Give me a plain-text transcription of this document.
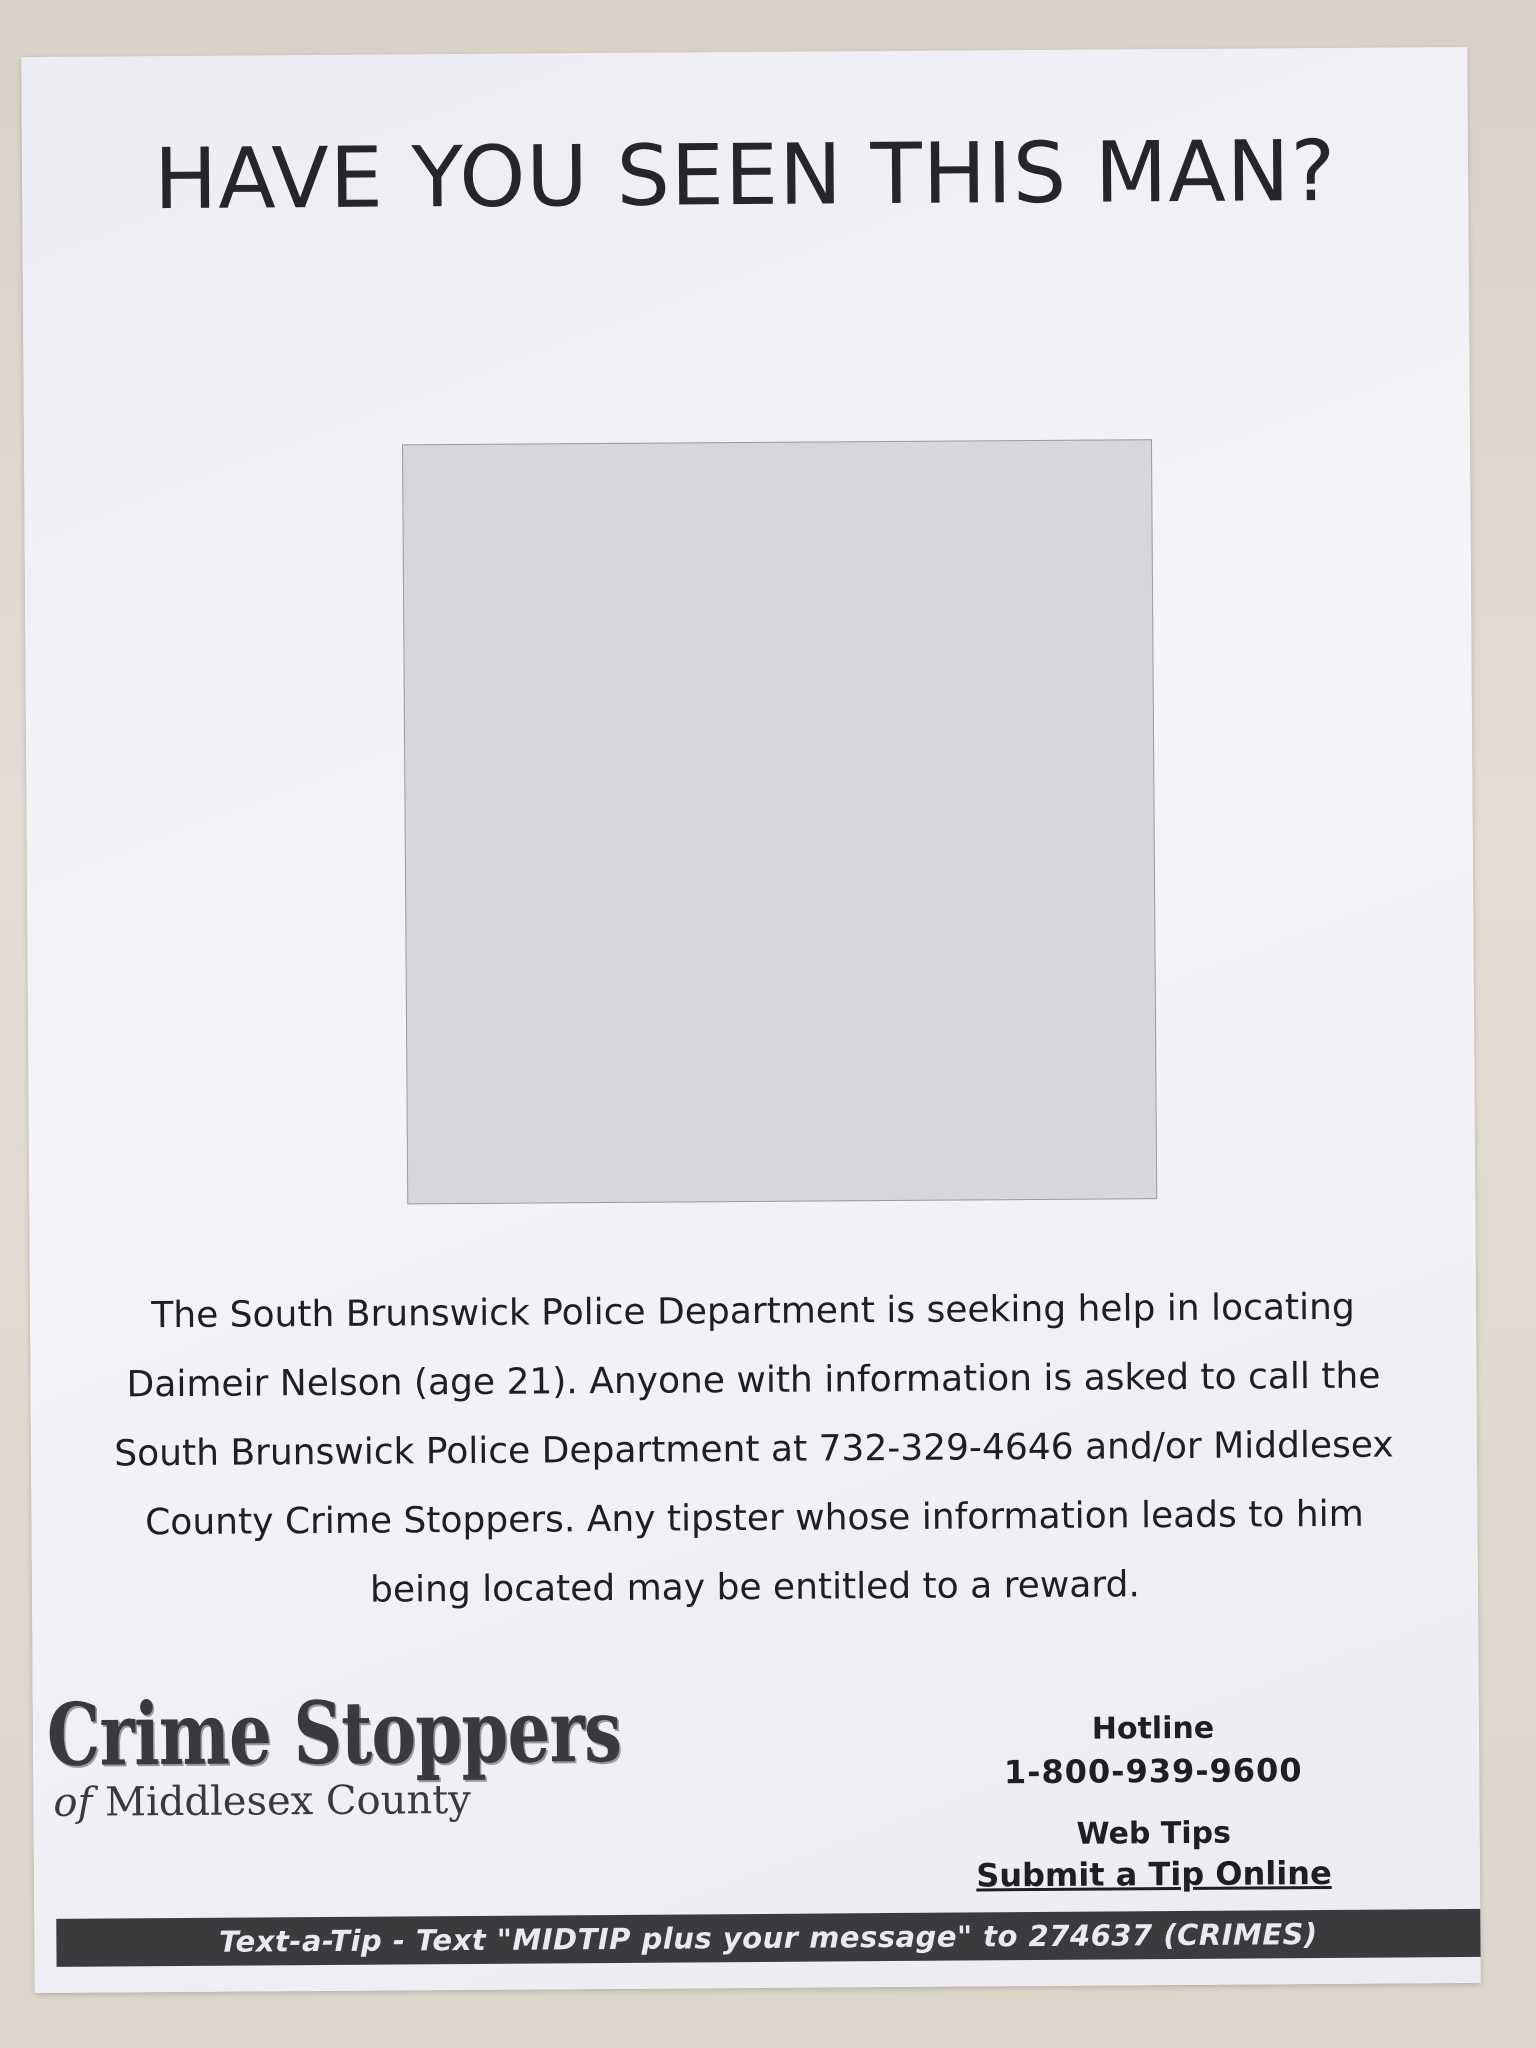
HAVE YOU SEEN THIS MAN?

The South Brunswick Police Department is seeking help in locating
Daimeir Nelson (age 21). Anyone with information is asked to call the
South Brunswick Police Department at 732-329-4646 and/or Middlesex
County Crime Stoppers. Any tipster whose information leads to him
being located may be entitled to a reward.

Crime Stoppers
of Middlesex County
Hotline
1-800-939-9600
Web Tips
Submit a Tip Online
Text-a-Tip - Text "MIDTIP plus your message" to 274637 (CRIMES)
